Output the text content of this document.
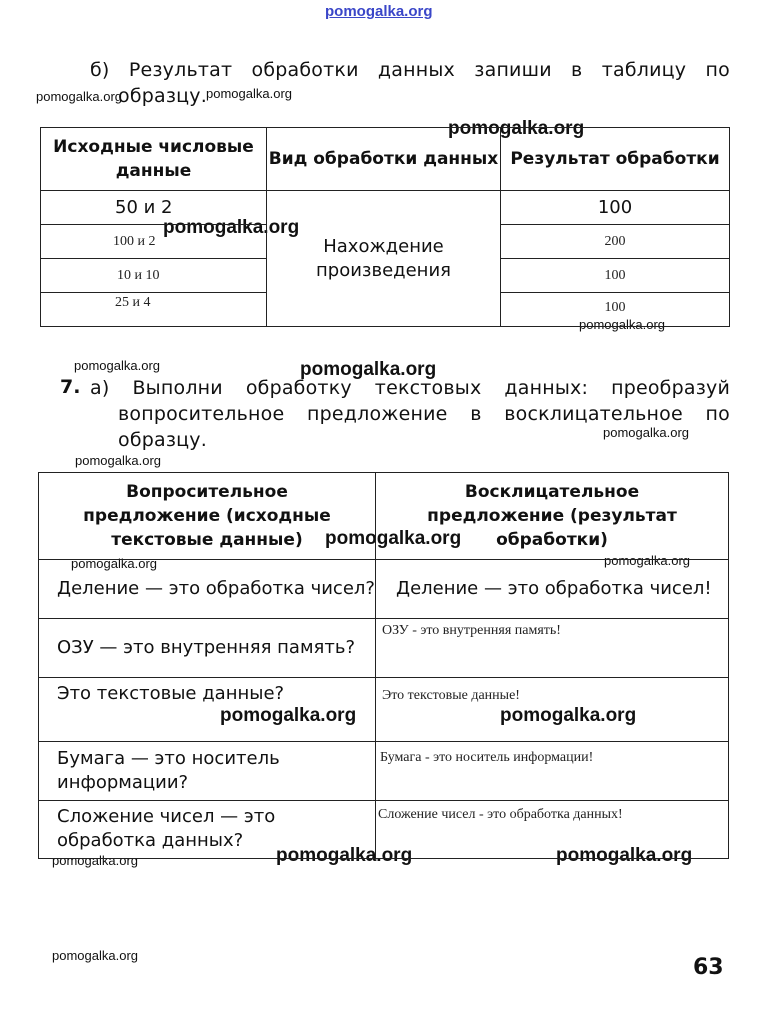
pomogalka.org
pomogalka.org	pomogalka.org
pomogalka.org
pomogalka.org
pomogalka.org
pomogalka.org	pomogalka.org
pomogalka.org
pomogalka.org
pomogalka.org
pomogalka.org	pomogalka.org
pomogalka.org	pomogalka.org
pomogalka.org	pomogalka.org	pomogalka.org
pomogalka.org
б) Результат обработки данных запиши в таблицу по
образцу.
Исходные числовые данные	Вид обработки данных	Результат обработки
50 и 2	Нахождение произведения	100
100 и 2		200
10 и 10		100
25 и 4		100
7. а) Выполни обработку текстовых данных: преобразуй
вопросительное предложение в восклицательное по
образцу.
Вопросительное предложение (исходные текстовые данные)	Восклицательное предложение (результат обработки)
Деление — это обработка чисел?	Деление — это обработка чисел!
ОЗУ — это внутренняя память?	ОЗУ - это внутренняя память!
Это текстовые данные?	Это текстовые данные!
Бумага — это носитель информации?	Бумага - это носитель информации!
Сложение чисел — это обработка данных?	Сложение чисел - это обработка данных!
63
